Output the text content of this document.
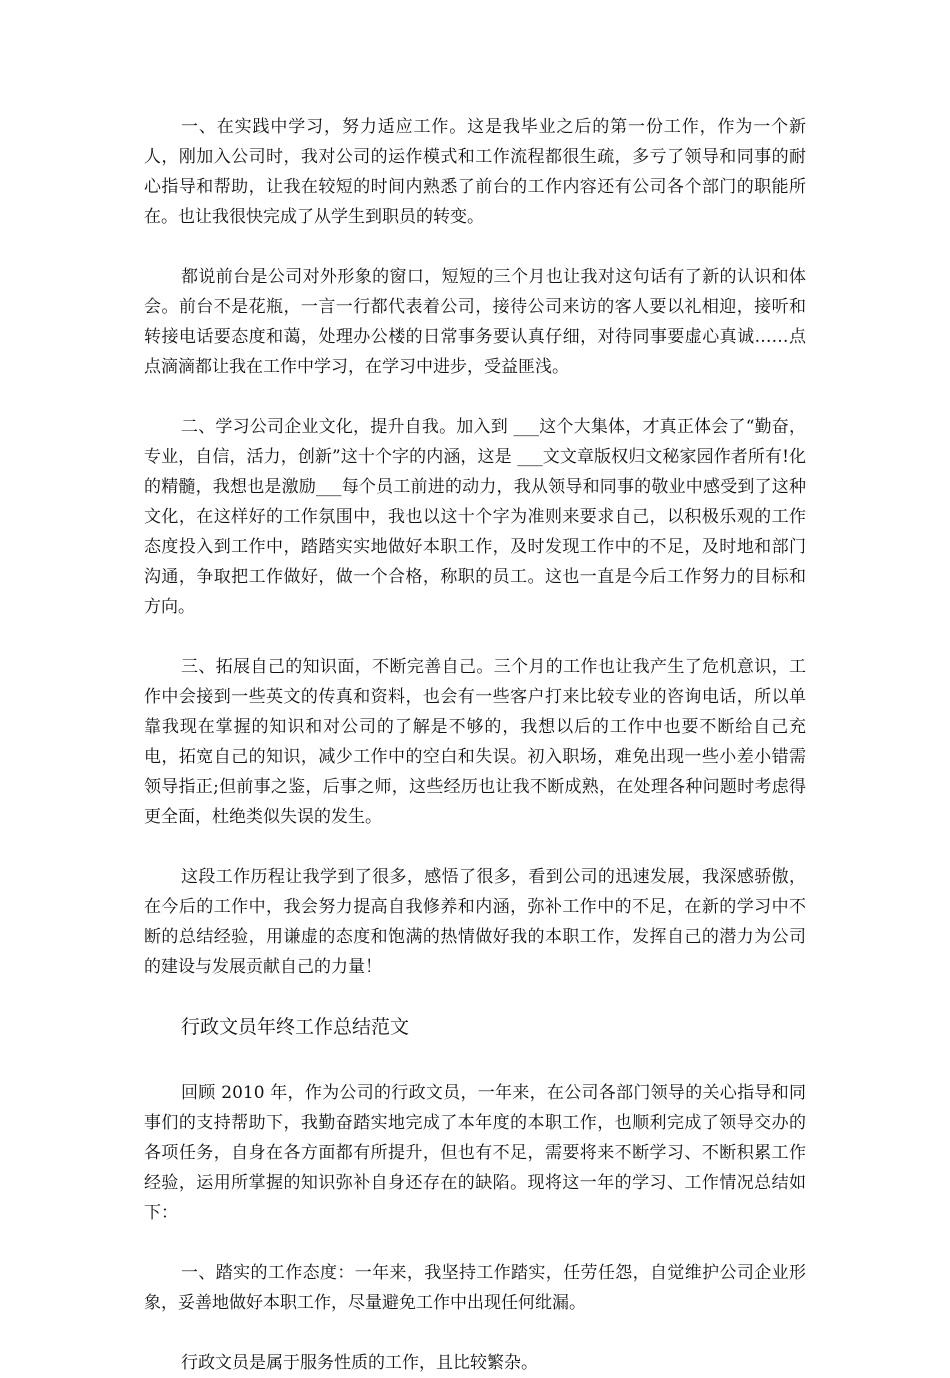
一、在实践中学习，努力适应工作。这是我毕业之后的第一份工作，作为一个新人，刚加入公司时，我对公司的运作模式和工作流程都很生疏，多亏了领导和同事的耐心指导和帮助，让我在较短的时间内熟悉了前台的工作内容还有公司各个部门的职能所在。也让我很快完成了从学生到职员的转变。

都说前台是公司对外形象的窗口，短短的三个月也让我对这句话有了新的认识和体会。前台不是花瓶，一言一行都代表着公司，接待公司来访的客人要以礼相迎，接听和转接电话要态度和蔼，处理办公楼的日常事务要认真仔细，对待同事要虚心真诚……点点滴滴都让我在工作中学习，在学习中进步，受益匪浅。

二、学习公司企业文化，提升自我。加入到 ___这个大集体，才真正体会了“勤奋，专业，自信，活力，创新”这十个字的内涵，这是 ___文文章版权归文秘家园作者所有!化的精髓，我想也是激励___每个员工前进的动力，我从领导和同事的敬业中感受到了这种文化，在这样好的工作氛围中，我也以这十个字为准则来要求自己，以积极乐观的工作态度投入到工作中，踏踏实实地做好本职工作，及时发现工作中的不足，及时地和部门沟通，争取把工作做好，做一个合格，称职的员工。这也一直是今后工作努力的目标和方向。

三、拓展自己的知识面，不断完善自己。三个月的工作也让我产生了危机意识，工作中会接到一些英文的传真和资料，也会有一些客户打来比较专业的咨询电话，所以单靠我现在掌握的知识和对公司的了解是不够的，我想以后的工作中也要不断给自己充电，拓宽自己的知识，减少工作中的空白和失误。初入职场，难免出现一些小差小错需领导指正;但前事之鉴，后事之师，这些经历也让我不断成熟，在处理各种问题时考虑得更全面，杜绝类似失误的发生。

这段工作历程让我学到了很多，感悟了很多，看到公司的迅速发展，我深感骄傲，在今后的工作中，我会努力提高自我修养和内涵，弥补工作中的不足，在新的学习中不断的总结经验，用谦虚的态度和饱满的热情做好我的本职工作，发挥自己的潜力为公司的建设与发展贡献自己的力量！

行政文员年终工作总结范文

回顾 2010 年，作为公司的行政文员，一年来，在公司各部门领导的关心指导和同事们的支持帮助下，我勤奋踏实地完成了本年度的本职工作，也顺利完成了领导交办的各项任务，自身在各方面都有所提升，但也有不足，需要将来不断学习、不断积累工作经验，运用所掌握的知识弥补自身还存在的缺陷。现将这一年的学习、工作情况总结如下：

一、踏实的工作态度：一年来，我坚持工作踏实，任劳任怨，自觉维护公司企业形象，妥善地做好本职工作，尽量避免工作中出现任何纰漏。

行政文员是属于服务性质的工作，且比较繁杂。
